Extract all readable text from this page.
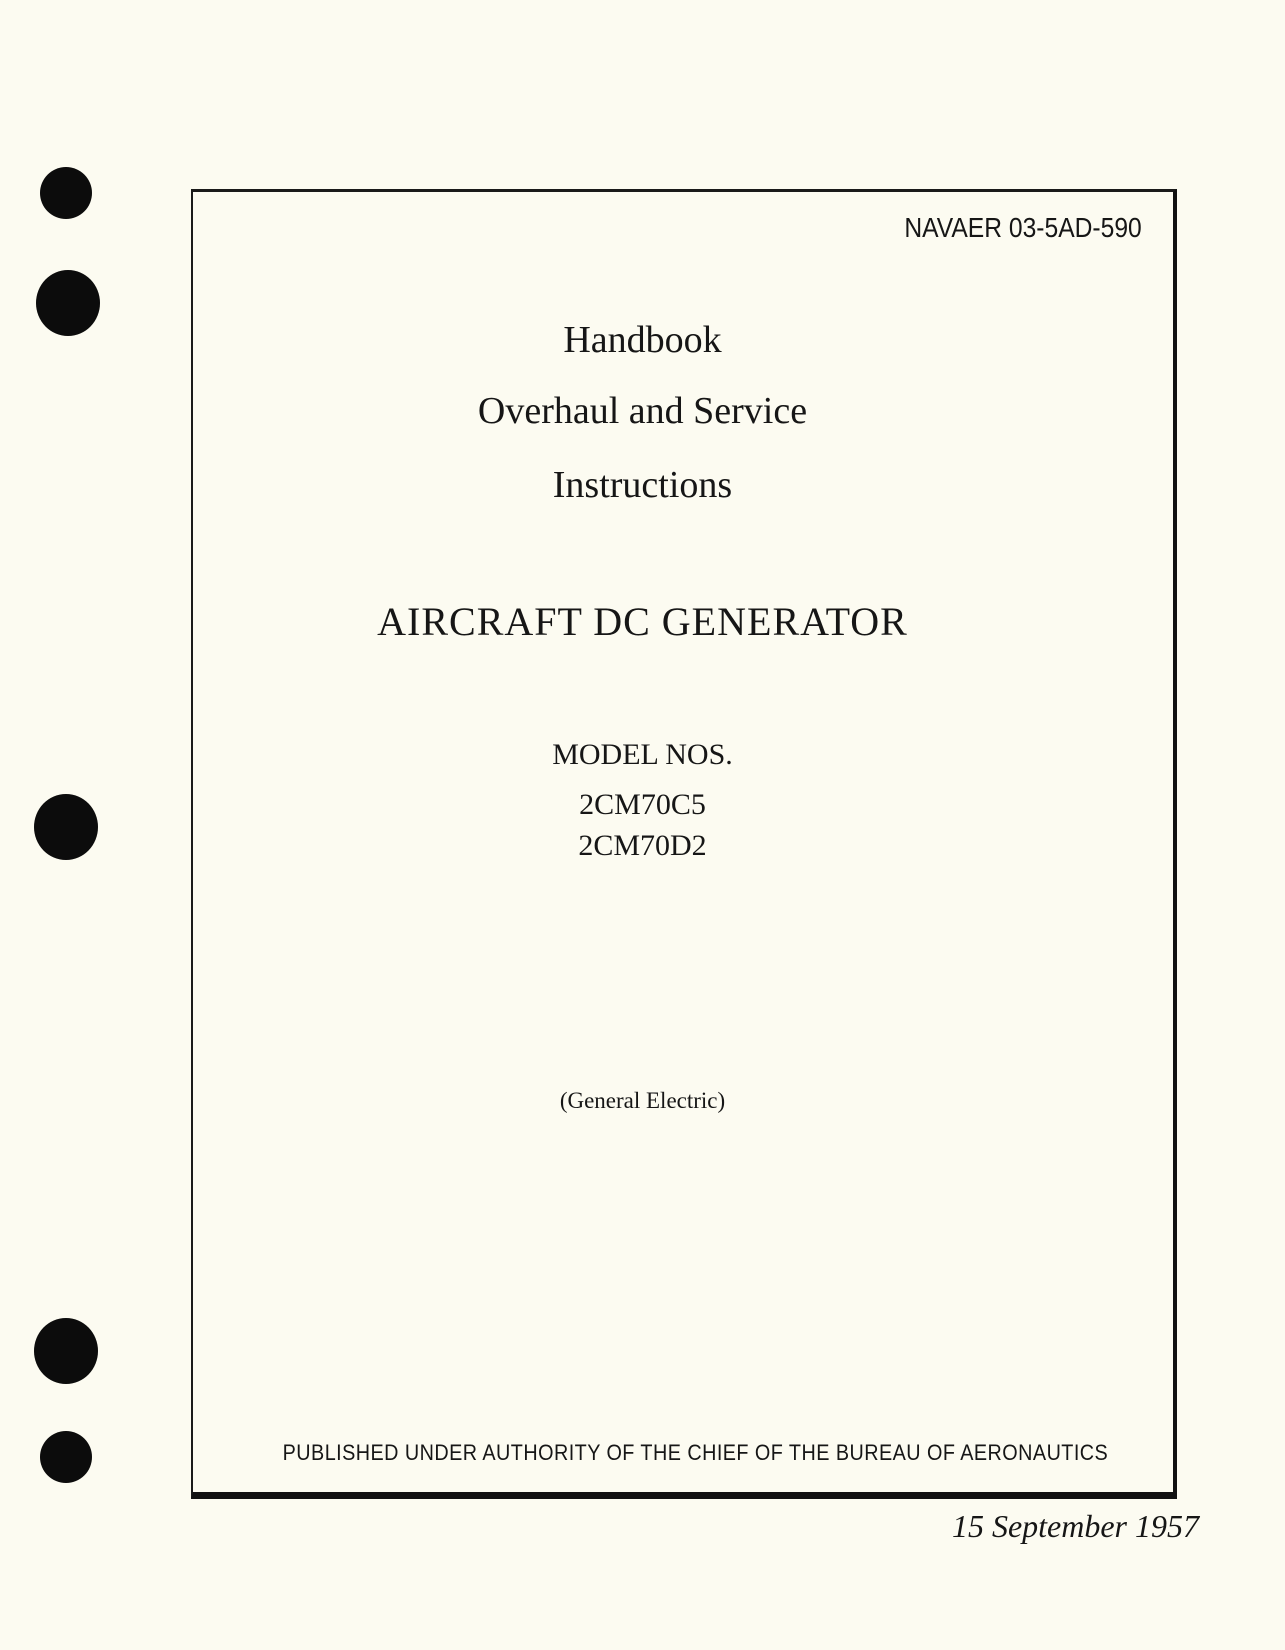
NAVAER 03-5AD-590
Handbook
Overhaul and Service
Instructions
AIRCRAFT DC GENERATOR
MODEL NOS.
2CM70C5
2CM70D2
(General Electric)
PUBLISHED UNDER AUTHORITY OF THE CHIEF OF THE BUREAU OF AERONAUTICS
15 September 1957
